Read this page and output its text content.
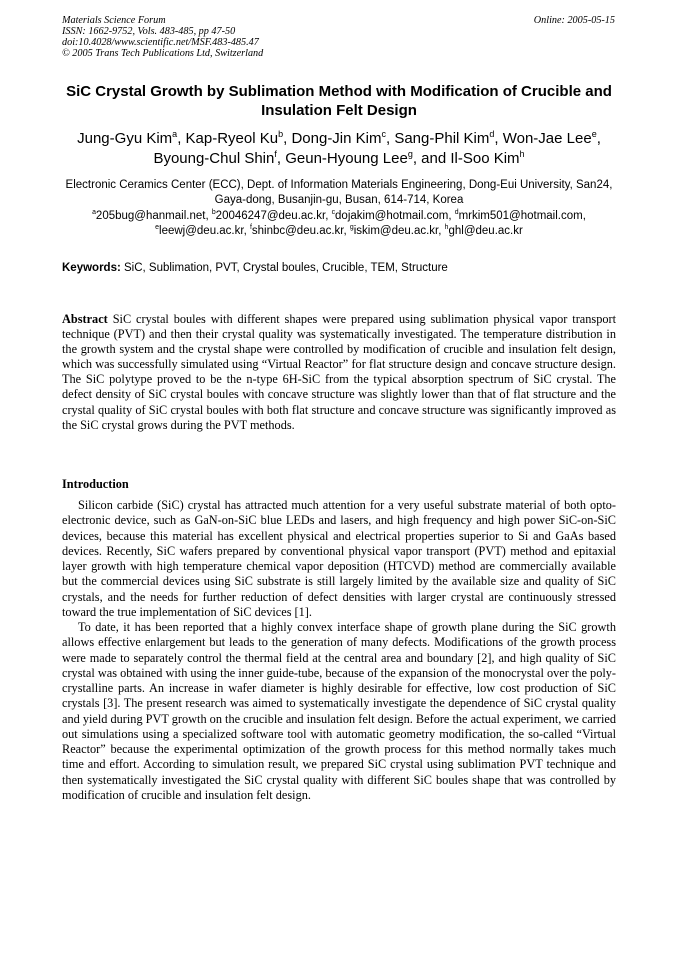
Materials Science Forum
ISSN: 1662-9752, Vols. 483-485, pp 47-50
doi:10.4028/www.scientific.net/MSF.483-485.47
© 2005 Trans Tech Publications Ltd, Switzerland
Online: 2005-05-15
SiC Crystal Growth by Sublimation Method with Modification of Crucible and Insulation Felt Design
Jung-Gyu Kim$^a$, Kap-Ryeol Ku$^b$, Dong-Jin Kim$^c$, Sang-Phil Kim$^d$, Won-Jae Lee$^e$, Byoung-Chul Shin$^f$, Geun-Hyoung Lee$^g$, and Il-Soo Kim$^h$
Electronic Ceramics Center (ECC), Dept. of Information Materials Engineering, Dong-Eui University, San24, Gaya-dong, Busanjin-gu, Busan, 614-714, Korea
$^a$205bug@hanmail.net, $^b$20046247@deu.ac.kr, $^c$dojakim@hotmail.com, $^d$mrkim501@hotmail.com, $^e$leewj@deu.ac.kr, $^f$shinbc@deu.ac.kr, $^g$iskim@deu.ac.kr, $^h$ghl@deu.ac.kr
Keywords: SiC, Sublimation, PVT, Crystal boules, Crucible, TEM, Structure

Abstract SiC crystal boules with different shapes were prepared using sublimation physical vapor transport technique (PVT) and then their crystal quality was systematically investigated. The temperature distribution in the growth system and the crystal shape were controlled by modification of crucible and insulation felt design, which was successfully simulated using “Virtual Reactor” for flat structure design and concave structure design. The SiC polytype proved to be the n-type 6H-SiC from the typical absorption spectrum of SiC crystal. The defect density of SiC crystal boules with concave structure was slightly lower than that of flat structure and the crystal quality of SiC crystal boules with both flat structure and concave structure was significantly improved as the SiC crystal grows during the PVT methods.

Introduction

Silicon carbide (SiC) crystal has attracted much attention for a very useful substrate material of both opto-electronic device, such as GaN-on-SiC blue LEDs and lasers, and high frequency and high power SiC-on-SiC devices, because this material has excellent physical and electrical properties superior to Si and GaAs based devices. Recently, SiC wafers prepared by conventional physical vapor transport (PVT) method and epitaxial layer growth with high temperature chemical vapor deposition (HTCVD) method are commercially available but the commercial devices using SiC substrate is still largely limited by the available size and quality of SiC crystals, and the needs for further reduction of defect densities with larger crystal are continuously stressed toward the true implementation of SiC devices [1].

To date, it has been reported that a highly convex interface shape of growth plane during the SiC growth allows effective enlargement but leads to the generation of many defects. Modifications of the growth process were made to separately control the thermal field at the central area and boundary [2], and high quality of SiC crystal was obtained with using the inner guide-tube, because of the expansion of the monocrystal over the poly-crystalline parts. An increase in wafer diameter is highly desirable for effective, low cost production of SiC crystals [3]. The present research was aimed to systematically investigate the dependence of SiC crystal quality and yield during PVT growth on the crucible and insulation felt design. Before the actual experiment, we carried out simulations using a specialized software tool with automatic geometry modification, the so-called “Virtual Reactor” because the experimental optimization of the growth process for this method normally takes much time and effort. According to simulation result, we prepared SiC crystal using sublimation PVT technique and then systematically investigated the SiC crystal quality with different SiC boules shape that was controlled by modification of crucible and insulation felt design.
